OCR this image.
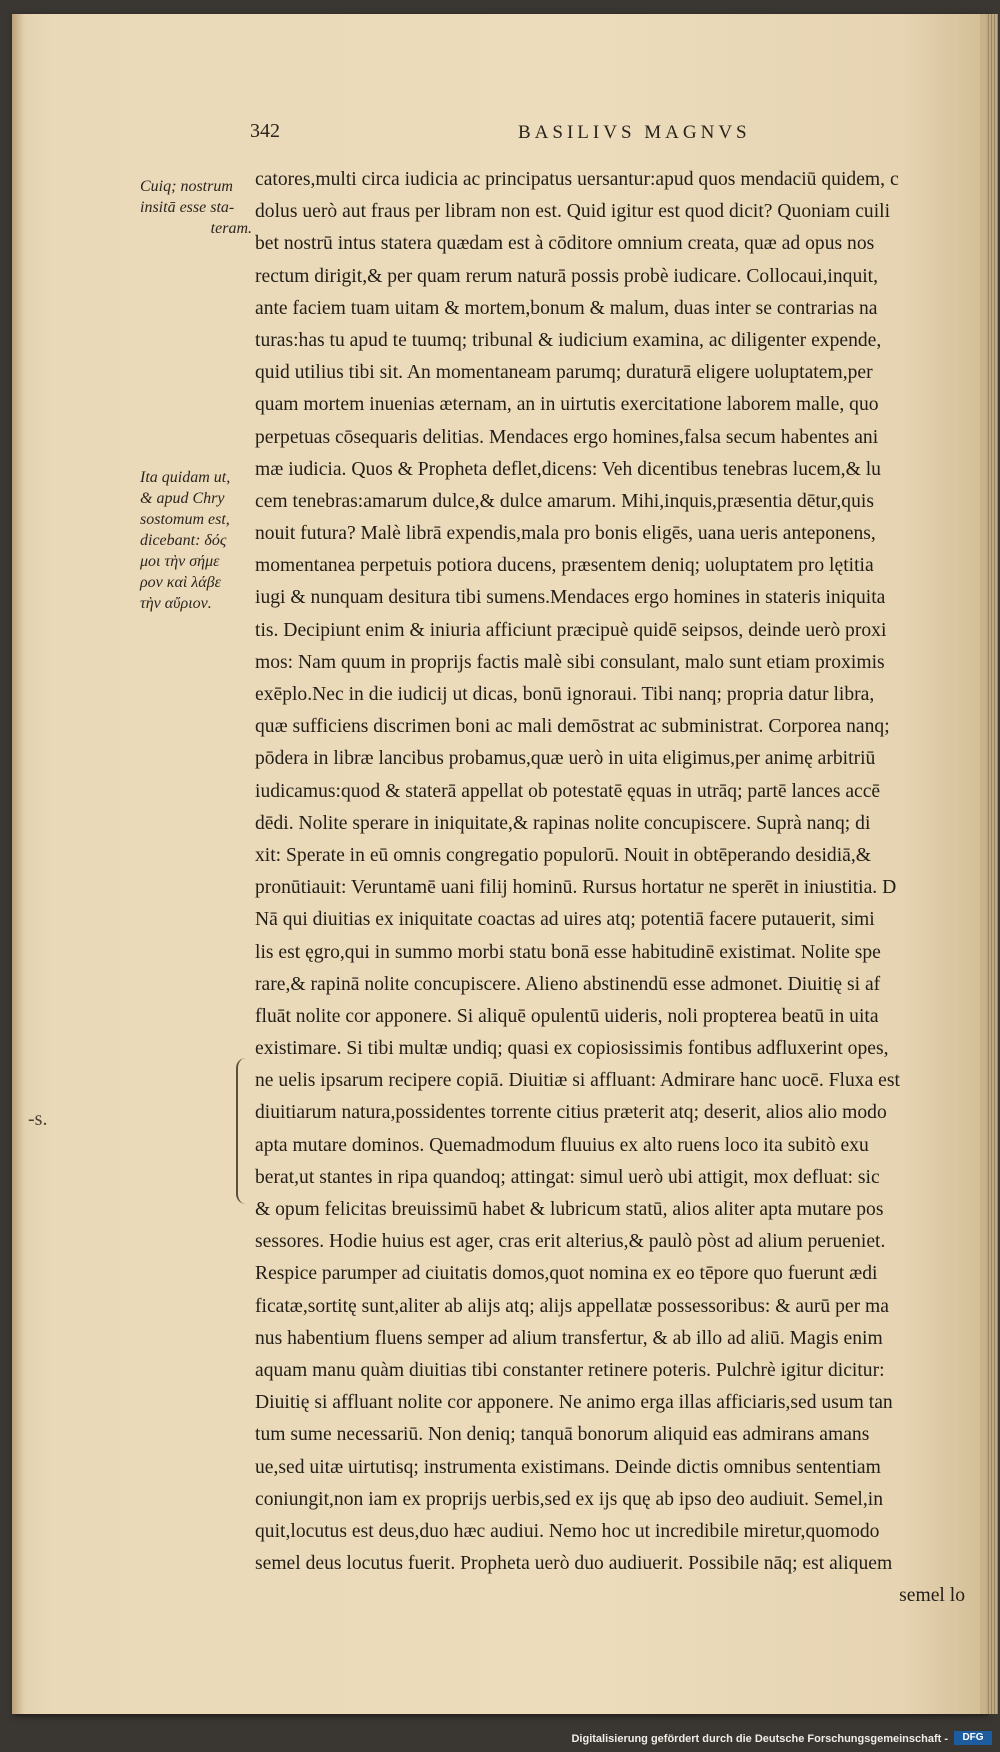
342	BASILIVS MAGNVS
Cuiq; nostrum
insitā esse sta-
teram.
Ita quidam ut,
& apud Chry
sostomum est,
dicebant: δός
μοι τὴν σήμε
ρον καὶ λάβε
τὴν αὔριον.
-s.
catores,multi circa iudicia ac principatus uersantur:apud quos mendaciū quidem, c
dolus uerò aut fraus per libram non est. Quid igitur est quod dicit? Quoniam cuili
bet nostrū intus statera quædam est à cōditore omnium creata, quæ ad opus nos
rectum dirigit,& per quam rerum naturā possis probè iudicare. Collocaui,inquit,
ante faciem tuam uitam & mortem,bonum & malum, duas inter se contrarias na
turas:has tu apud te tuumq; tribunal & iudicium examina, ac diligenter expende,
quid utilius tibi sit. An momentaneam parumq; duraturā eligere uoluptatem,per
quam mortem inuenias æternam, an in uirtutis exercitatione laborem malle, quo
perpetuas cōsequaris delitias. Mendaces ergo homines,falsa secum habentes ani
mæ iudicia. Quos & Propheta deflet,dicens: Veh dicentibus tenebras lucem,& lu
cem tenebras:amarum dulce,& dulce amarum. Mihi,inquis,præsentia dētur,quis
nouit futura? Malè librā expendis,mala pro bonis eligēs, uana ueris anteponens,
momentanea perpetuis potiora ducens, præsentem deniq; uoluptatem pro lętitia
iugi & nunquam desitura tibi sumens.Mendaces ergo homines in stateris iniquita
tis. Decipiunt enim & iniuria afficiunt præcipuè quidē seipsos, deinde uerò proxi
mos: Nam quum in proprijs factis malè sibi consulant, malo sunt etiam proximis
exēplo.Nec in die iudicij ut dicas, bonū ignoraui. Tibi nanq; propria datur libra,
quæ sufficiens discrimen boni ac mali demōstrat ac subministrat. Corporea nanq;
pōdera in libræ lancibus probamus,quæ uerò in uita eligimus,per animę arbitriū
iudicamus:quod & staterā appellat ob potestatē ęquas in utrāq; partē lances accē
dēdi. Nolite sperare in iniquitate,& rapinas nolite concupiscere. Suprà nanq; di
xit: Sperate in eū omnis congregatio populorū. Nouit in obtēperando desidiā,&
pronūtiauit: Veruntamē uani filij hominū. Rursus hortatur ne sperēt in iniustitia. D
Nā qui diuitias ex iniquitate coactas ad uires atq; potentiā facere putauerit, simi
lis est ęgro,qui in summo morbi statu bonā esse habitudinē existimat. Nolite spe
rare,& rapinā nolite concupiscere. Alieno abstinendū esse admonet. Diuitię si af
fluāt nolite cor apponere. Si aliquē opulentū uideris, noli propterea beatū in uita
existimare. Si tibi multæ undiq; quasi ex copiosissimis fontibus adfluxerint opes,
ne uelis ipsarum recipere copiā. Diuitiæ si affluant: Admirare hanc uocē. Fluxa est
diuitiarum natura,possidentes torrente citius præterit atq; deserit, alios alio modo
apta mutare dominos. Quemadmodum fluuius ex alto ruens loco ita subitò exu
berat,ut stantes in ripa quandoq; attingat: simul uerò ubi attigit, mox defluat: sic
& opum felicitas breuissimū habet & lubricum statū, alios aliter apta mutare pos
sessores. Hodie huius est ager, cras erit alterius,& paulò pòst ad alium perueniet.
Respice parumper ad ciuitatis domos,quot nomina ex eo tēpore quo fuerunt ædi
ficatæ,sortitę sunt,aliter ab alijs atq; alijs appellatæ possessoribus: & aurū per ma
nus habentium fluens semper ad alium transfertur, & ab illo ad aliū. Magis enim
aquam manu quàm diuitias tibi constanter retinere poteris. Pulchrè igitur dicitur:
Diuitię si affluant nolite cor apponere. Ne animo erga illas afficiaris,sed usum tan
tum sume necessariū. Non deniq; tanquā bonorum aliquid eas admirans amans
ue,sed uitæ uirtutisq; instrumenta existimans. Deinde dictis omnibus sententiam
coniungit,non iam ex proprijs uerbis,sed ex ijs quę ab ipso deo audiuit. Semel,in
quit,locutus est deus,duo hæc audiui. Nemo hoc ut incredibile miretur,quomodo
semel deus locutus fuerit. Propheta uerò duo audiuerit. Possibile nāq; est aliquem
semel lo
Digitalisierung gefördert durch die Deutsche Forschungsgemeinschaft -	DFG
